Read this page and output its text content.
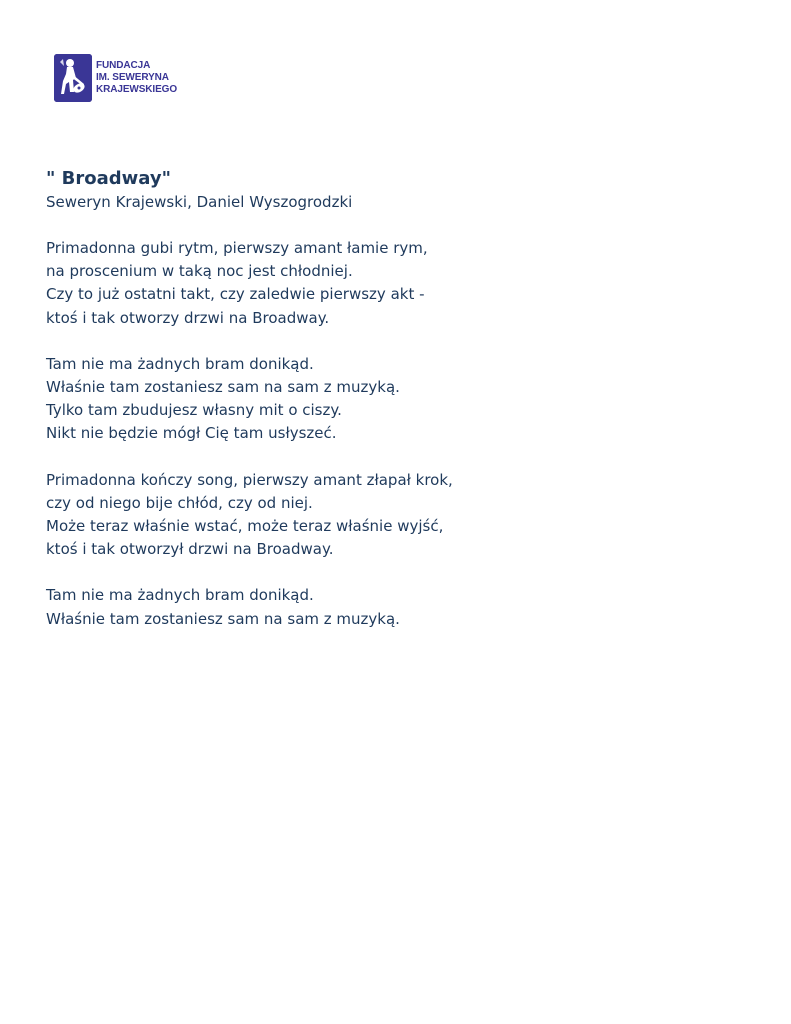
FUNDACJA
IM. SEWERYNA
KRAJEWSKIEGO
" Broadway"
Seweryn Krajewski, Daniel Wyszogrodzki
Primadonna gubi rytm, pierwszy amant łamie rym,
na proscenium w taką noc jest chłodniej.
Czy to już ostatni takt, czy zaledwie pierwszy akt -
ktoś i tak otworzy drzwi na Broadway.
Tam nie ma żadnych bram donikąd.
Właśnie tam zostaniesz sam na sam z muzyką.
Tylko tam zbudujesz własny mit o ciszy.
Nikt nie będzie mógł Cię tam usłyszeć.
Primadonna kończy song, pierwszy amant złapał krok,
czy od niego bije chłód, czy od niej.
Może teraz właśnie wstać, może teraz właśnie wyjść,
ktoś i tak otworzył drzwi na Broadway.
Tam nie ma żadnych bram donikąd.
Właśnie tam zostaniesz sam na sam z muzyką.
